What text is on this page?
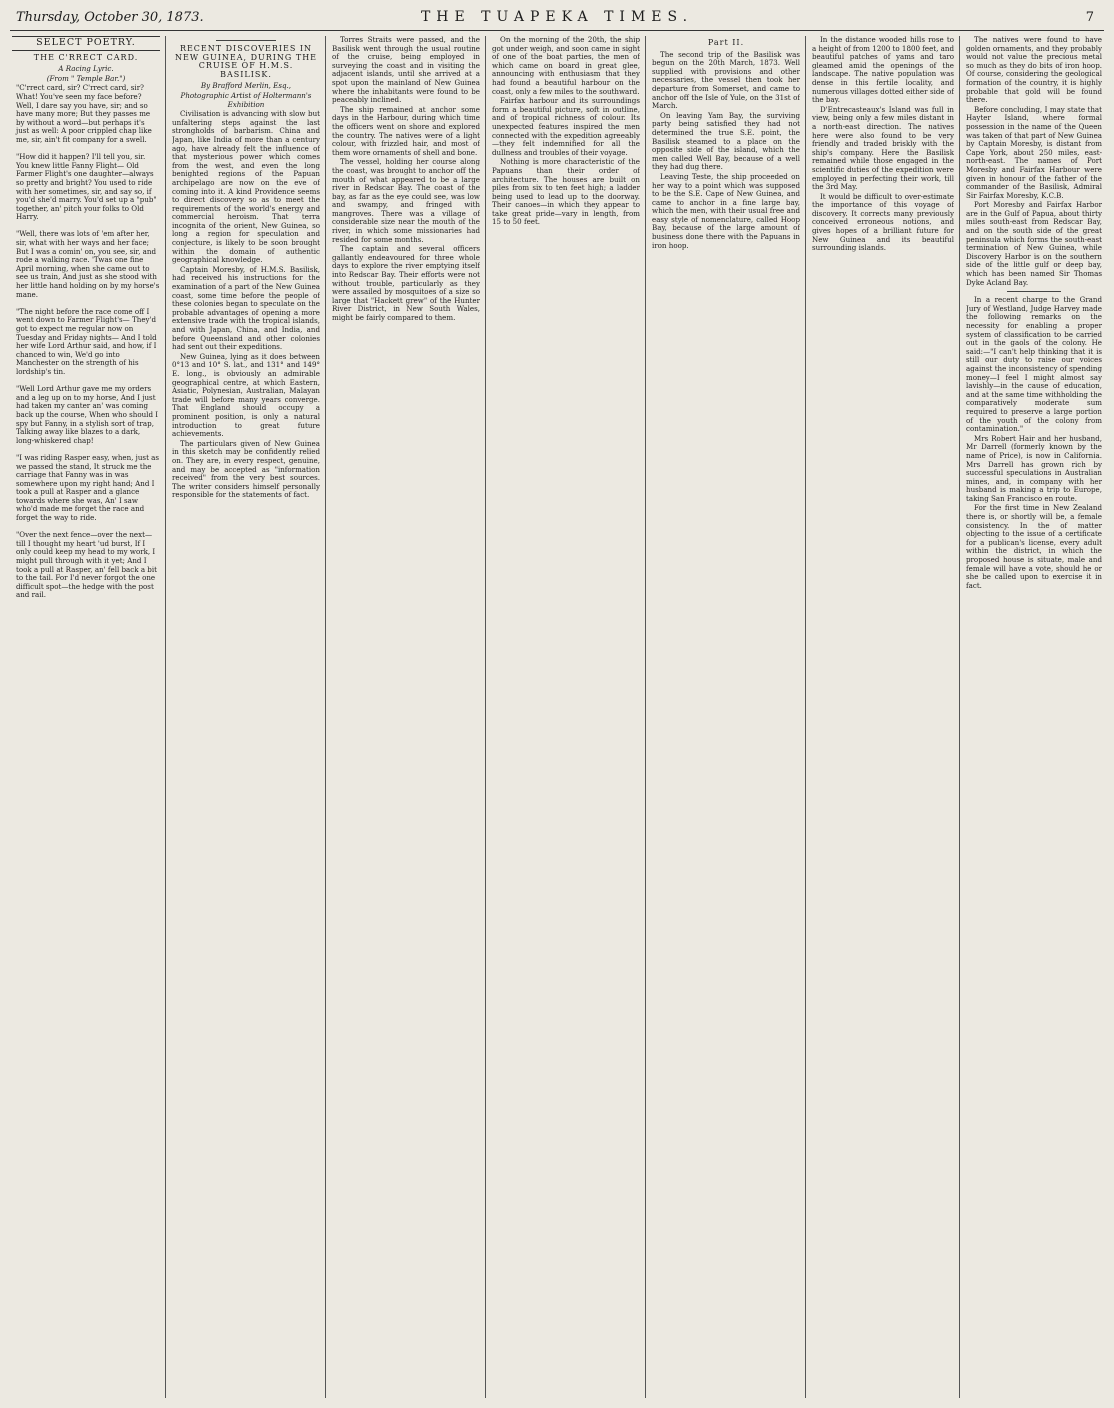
Thursday, October 30, 1873.	THE TUAPEKA TIMES.	7
SELECT POETRY.
THE C'RRECT CARD.
A Racing Lyric.
(From " Temple Bar.")

"C'rrect card, sir? C'rrect card, sir? What! You've seen my face before? Well, I dare say you have, sir; and so have many more; But they passes me by without a word—but perhaps it's just as well: A poor crippled chap like me, sir, ain't fit company for a swell.

"How did it happen? I'll tell you, sir. You knew little Fanny Flight— Old Farmer Flight's one daughter—always so pretty and bright? You used to ride with her sometimes, sir, and say so, if you'd she'd marry. You'd set up a "pub" together, an' pitch your folks to Old Harry.

"Well, there was lots of 'em after her, sir, what with her ways and her face; But I was a comin' on, you see, sir, and rode a walking race. 'Twas one fine April morning, when she came out to see us train, And just as she stood with her little hand holding on by my horse's mane.

"The night before the race come off I went down to Farmer Flight's— They'd got to expect me regular now on Tuesday and Friday nights— And I told her wife Lord Arthur said, and how, if I chanced to win, We'd go into Manchester on the strength of his lordship's tin.

"Well Lord Arthur gave me my orders and a leg up on to my horse, And I just had taken my canter an' was coming back up the course, When who should I spy but Fanny, in a stylish sort of trap, Talking away like blazes to a dark, long-whiskered chap!

"I was riding Rasper easy, when, just as we passed the stand, It struck me the carriage that Fanny was in was somewhere upon my right hand; And I took a pull at Rasper and a glance towards where she was, An' I saw who'd made me forget the race and forget the way to ride.

"Over the next fence—over the next—till I thought my heart 'ud burst, If I only could keep my head to my work, I might pull through with it yet; And I took a pull at Rasper, an' fell back a bit to the tail. For I'd never forgot the one difficult spot—the hedge with the post and rail.

RECENT DISCOVERIES IN NEW GUINEA, DURING THE CRUISE OF H.M.S. BASILISK.
By Brafford Merlin, Esq.,
Photographic Artist of Holtermann's Exhibition

Civilisation is advancing with slow but unfaltering steps against the last strongholds of barbarism. China and Japan, like India of more than a century ago, have already felt the influence of that mysterious power which comes from the west, and even the long benighted regions of the Papuan archipelago are now on the eve of coming into it. A kind Providence seems to direct discovery so as to meet the requirements of the world's energy and commercial heroism. That terra incognita of the orient, New Guinea, so long a region for speculation and conjecture, is likely to be soon brought within the domain of authentic geographical knowledge.

Captain Moresby, of H.M.S. Basilisk, had received his instructions for the examination of a part of the New Guinea coast, some time before the people of these colonies began to speculate on the probable advantages of opening a more extensive trade with the tropical islands, and with Japan, China, and India, and before Queensland and other colonies had sent out their expeditions.

New Guinea, lying as it does between 0°13 and 10° S. lat., and 131° and 149° E. long., is obviously an admirable geographical centre, at which Eastern, Asiatic, Polynesian, Australian, Malayan trade will before many years converge. That England should occupy a prominent position, is only a natural introduction to great future achievements.

The particulars given of New Guinea in this sketch may be confidently relied on. They are, in every respect, genuine, and may be accepted as "information received" from the very best sources. The writer considers himself personally responsible for the statements of fact.

Torres Straits were passed, and the Basilisk went through the usual routine of the cruise, being employed in surveying the coast and in visiting the adjacent islands, until she arrived at a spot upon the mainland of New Guinea where the inhabitants were found to be peaceably inclined.

The ship remained at anchor some days in the Harbour, during which time the officers went on shore and explored the country. The natives were of a light colour, with frizzled hair, and most of them wore ornaments of shell and bone.

The vessel, holding her course along the coast, was brought to anchor off the mouth of what appeared to be a large river in Redscar Bay. The coast of the bay, as far as the eye could see, was low and swampy, and fringed with mangroves. There was a village of considerable size near the mouth of the river, in which some missionaries had resided for some months.

The captain and several officers gallantly endeavoured for three whole days to explore the river emptying itself into Redscar Bay. Their efforts were not without trouble, particularly as they were assailed by mosquitoes of a size so large that "Hackett grew" of the Hunter River District, in New South Wales, might be fairly compared to them.

On the morning of the 20th, the ship got under weigh, and soon came in sight of one of the boat parties, the men of which came on board in great glee, announcing with enthusiasm that they had found a beautiful harbour on the coast, only a few miles to the southward.

Fairfax harbour and its surroundings form a beautiful picture, soft in outline, and of tropical richness of colour. Its unexpected features inspired the men connected with the expedition agreeably—they felt indemnified for all the dullness and troubles of their voyage.

Nothing is more characteristic of the Papuans than their order of architecture. The houses are built on piles from six to ten feet high; a ladder being used to lead up to the doorway. Their canoes—in which they appear to take great pride—vary in length, from 15 to 50 feet.

Part II.

The second trip of the Basilisk was begun on the 20th March, 1873. Well supplied with provisions and other necessaries, the vessel then took her departure from Somerset, and came to anchor off the Isle of Yule, on the 31st of March.

On leaving Yam Bay, the surviving party being satisfied they had not determined the true S.E. point, the Basilisk steamed to a place on the opposite side of the island, which the men called Well Bay, because of a well they had dug there.

Leaving Teste, the ship proceeded on her way to a point which was supposed to be the S.E. Cape of New Guinea, and came to anchor in a fine large bay, which the men, with their usual free and easy style of nomenclature, called Hoop Bay, because of the large amount of business done there with the Papuans in iron hoop.

In the distance wooded hills rose to a height of from 1200 to 1800 feet, and beautiful patches of yams and taro gleamed amid the openings of the landscape. The native population was dense in this fertile locality, and numerous villages dotted either side of the bay.

D'Entrecasteaux's Island was full in view, being only a few miles distant in a north-east direction. The natives here were also found to be very friendly and traded briskly with the ship's company. Here the Basilisk remained while those engaged in the scientific duties of the expedition were employed in perfecting their work, till the 3rd May.

It would be difficult to over-estimate the importance of this voyage of discovery. It corrects many previously conceived erroneous notions, and gives hopes of a brilliant future for New Guinea and its beautiful surrounding islands.

The natives were found to have golden ornaments, and they probably would not value the precious metal so much as they do bits of iron hoop. Of course, considering the geological formation of the country, it is highly probable that gold will be found there.

Before concluding, I may state that Hayter Island, where formal possession in the name of the Queen was taken of that part of New Guinea by Captain Moresby, is distant from Cape York, about 250 miles, east-north-east. The names of Port Moresby and Fairfax Harbour were given in honour of the father of the commander of the Basilisk, Admiral Sir Fairfax Moresby, K.C.B.

Port Moresby and Fairfax Harbor are in the Gulf of Papua, about thirty miles south-east from Redscar Bay, and on the south side of the great peninsula which forms the south-east termination of New Guinea, while Discovery Harbor is on the southern side of the little gulf or deep bay, which has been named Sir Thomas Dyke Acland Bay.

In a recent charge to the Grand Jury of Westland, Judge Harvey made the following remarks on the necessity for enabling a proper system of classification to be carried out in the gaols of the colony. He said:—"I can't help thinking that it is still our duty to raise our voices against the inconsistency of spending money—I feel I might almost say lavishly—in the cause of education, and at the same time withholding the comparatively moderate sum required to preserve a large portion of the youth of the colony from contamination."

Mrs Robert Hair and her husband, Mr Darrell (formerly known by the name of Price), is now in California. Mrs Darrell has grown rich by successful speculations in Australian mines, and, in company with her husband is making a trip to Europe, taking San Francisco en route.

For the first time in New Zealand there is, or shortly will be, a female consistency. In the of matter objecting to the issue of a certificate for a publican's license, every adult within the district, in which the proposed house is situate, male and female will have a vote, should he or she be called upon to exercise it in fact.
